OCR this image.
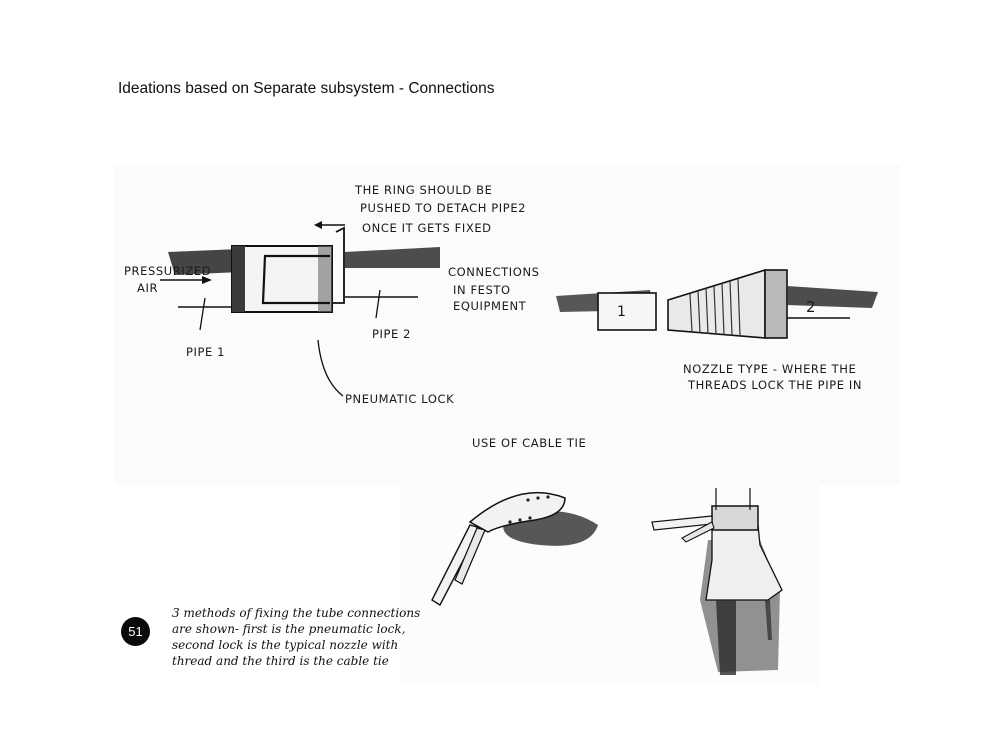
Ideations based on Separate subsystem - Connections
THE RING SHOULD BE
PUSHED TO DETACH PIPE2
ONCE IT GETS FIXED
PRESSURIZED
AIR
PIPE 1
PIPE 2
PNEUMATIC LOCK
CONNECTIONS
IN FESTO
EQUIPMENT	1	2
NOZZLE TYPE - WHERE THE
THREADS LOCK THE PIPE IN
USE OF CABLE TIE
51
3 methods of fixing the tube connections
are shown- first is the pneumatic lock,
second lock is the typical nozzle with
thread and the third is the cable tie
